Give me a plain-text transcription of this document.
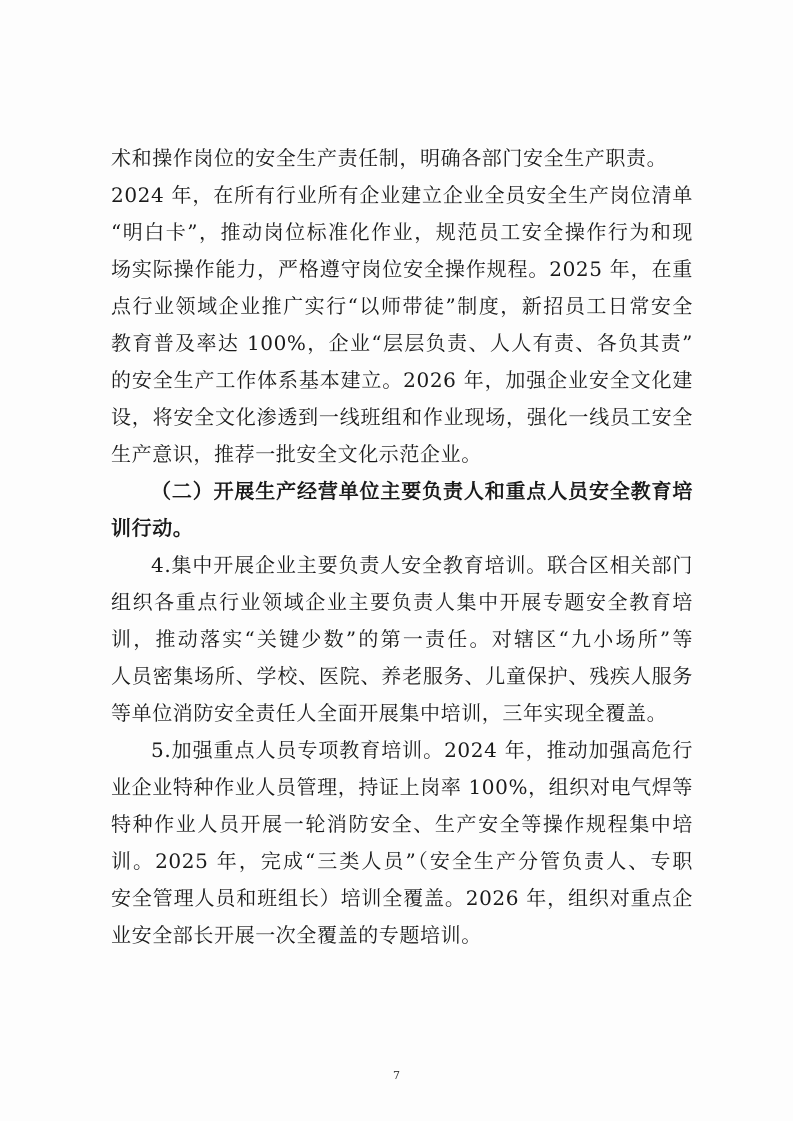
术和操作岗位的安全生产责任制，明确各部门安全生产职责。
2024 年，在所有行业所有企业建立企业全员安全生产岗位清单
“明白卡”，推动岗位标准化作业，规范员工安全操作行为和现
场实际操作能力，严格遵守岗位安全操作规程。2025 年，在重
点行业领域企业推广实行“以师带徒”制度，新招员工日常安全
教育普及率达 100%，企业“层层负责、人人有责、各负其责”
的安全生产工作体系基本建立。2026 年，加强企业安全文化建
设，将安全文化渗透到一线班组和作业现场，强化一线员工安全
生产意识，推荐一批安全文化示范企业。
（二）开展生产经营单位主要负责人和重点人员安全教育培
训行动。
4.集中开展企业主要负责人安全教育培训。联合区相关部门
组织各重点行业领域企业主要负责人集中开展专题安全教育培
训，推动落实“关键少数”的第一责任。对辖区“九小场所”等
人员密集场所、学校、医院、养老服务、儿童保护、残疾人服务
等单位消防安全责任人全面开展集中培训，三年实现全覆盖。
5.加强重点人员专项教育培训。2024 年，推动加强高危行
业企业特种作业人员管理，持证上岗率 100%，组织对电气焊等
特种作业人员开展一轮消防安全、生产安全等操作规程集中培
训。2025 年，完成“三类人员”（安全生产分管负责人、专职
安全管理人员和班组长）培训全覆盖。2026 年，组织对重点企
业安全部长开展一次全覆盖的专题培训。
7
